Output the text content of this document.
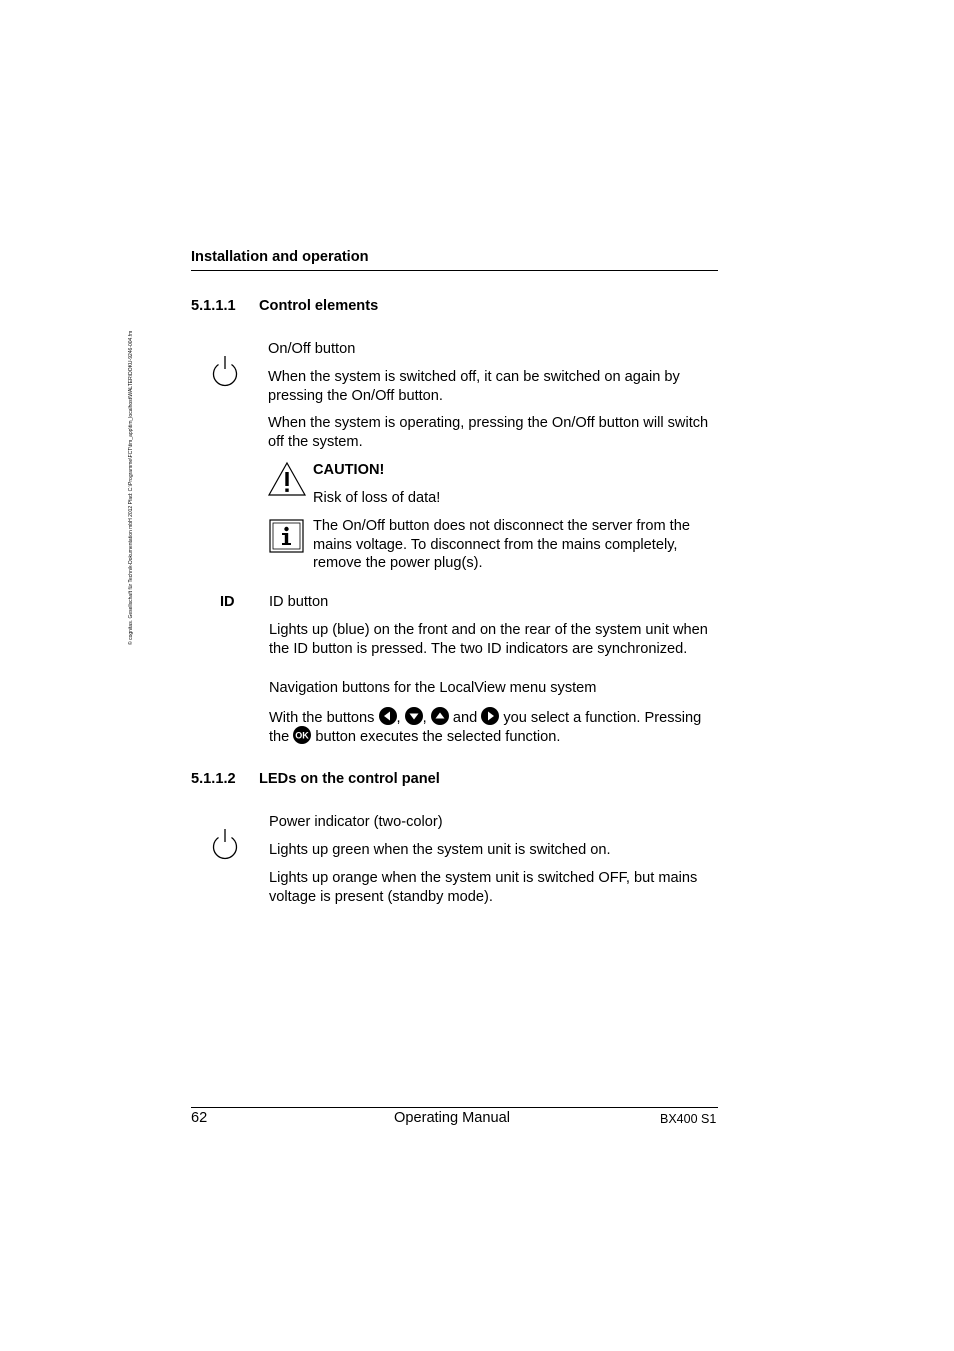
© cognitas. Gesellschaft für Technik-Dokumentation mbH 2012 Pfad: C:\Programme\FCT\tim_app\tim_localhost\WALTER\DOKU-9246-004.fm
Installation and operation
5.1.1.1 Control elements
On/Off button
When the system is switched off, it can be switched on again by pressing the On/Off button.
When the system is operating, pressing the On/Off button will switch off the system.
CAUTION!
Risk of loss of data!
The On/Off button does not disconnect the server from the mains voltage. To disconnect from the mains completely, remove the power plug(s).
ID ID button
Lights up (blue) on the front and on the rear of the system unit when the ID button is pressed. The two ID indicators are synchronized.
Navigation buttons for the LocalView menu system
With the buttons , , and you select a function. Pressing
the OK button executes the selected function.
5.1.1.2 LEDs on the control panel
Power indicator (two-color)
Lights up green when the system unit is switched on.
Lights up orange when the system unit is switched OFF, but mains voltage is present (standby mode).
62	Operating Manual	BX400 S1
